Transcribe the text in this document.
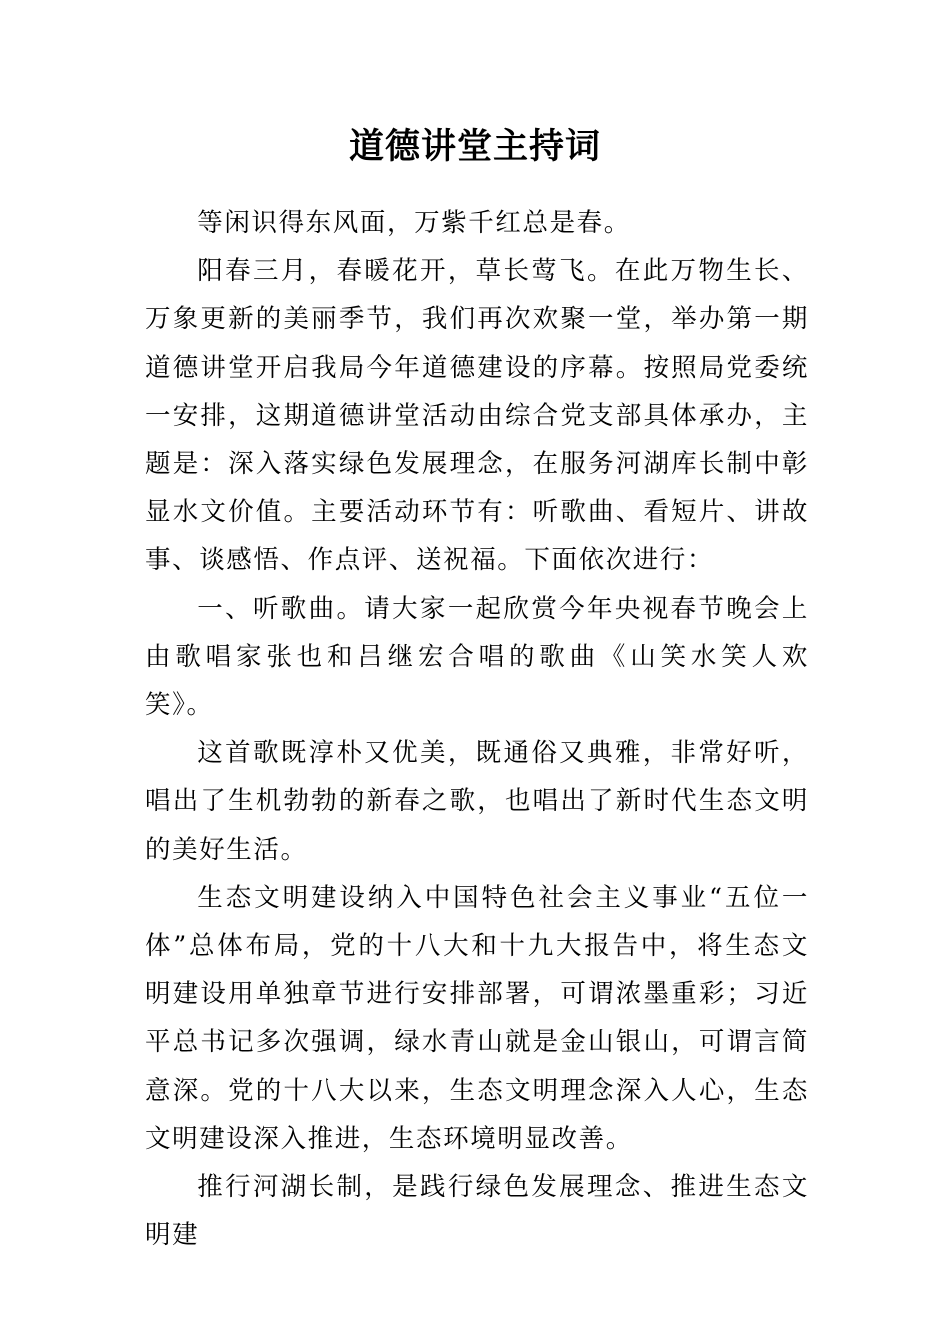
道德讲堂主持词

等闲识得东风面，万紫千红总是春。

阳春三月，春暖花开，草长莺飞。在此万物生长、万象更新的美丽季节，我们再次欢聚一堂，举办第一期道德讲堂开启我局今年道德建设的序幕。按照局党委统一安排，这期道德讲堂活动由综合党支部具体承办，主题是：深入落实绿色发展理念，在服务河湖库长制中彰显水文价值。主要活动环节有：听歌曲、看短片、讲故事、谈感悟、作点评、送祝福。下面依次进行：

一、听歌曲。请大家一起欣赏今年央视春节晚会上由歌唱家张也和吕继宏合唱的歌曲《山笑水笑人欢笑》。

这首歌既淳朴又优美，既通俗又典雅，非常好听，唱出了生机勃勃的新春之歌，也唱出了新时代生态文明的美好生活。

生态文明建设纳入中国特色社会主义事业“五位一体”总体布局，党的十八大和十九大报告中，将生态文明建设用单独章节进行安排部署，可谓浓墨重彩；习近平总书记多次强调，绿水青山就是金山银山，可谓言简意深。党的十八大以来，生态文明理念深入人心，生态文明建设深入推进，生态环境明显改善。

推行河湖长制，是践行绿色发展理念、推进生态文明建
